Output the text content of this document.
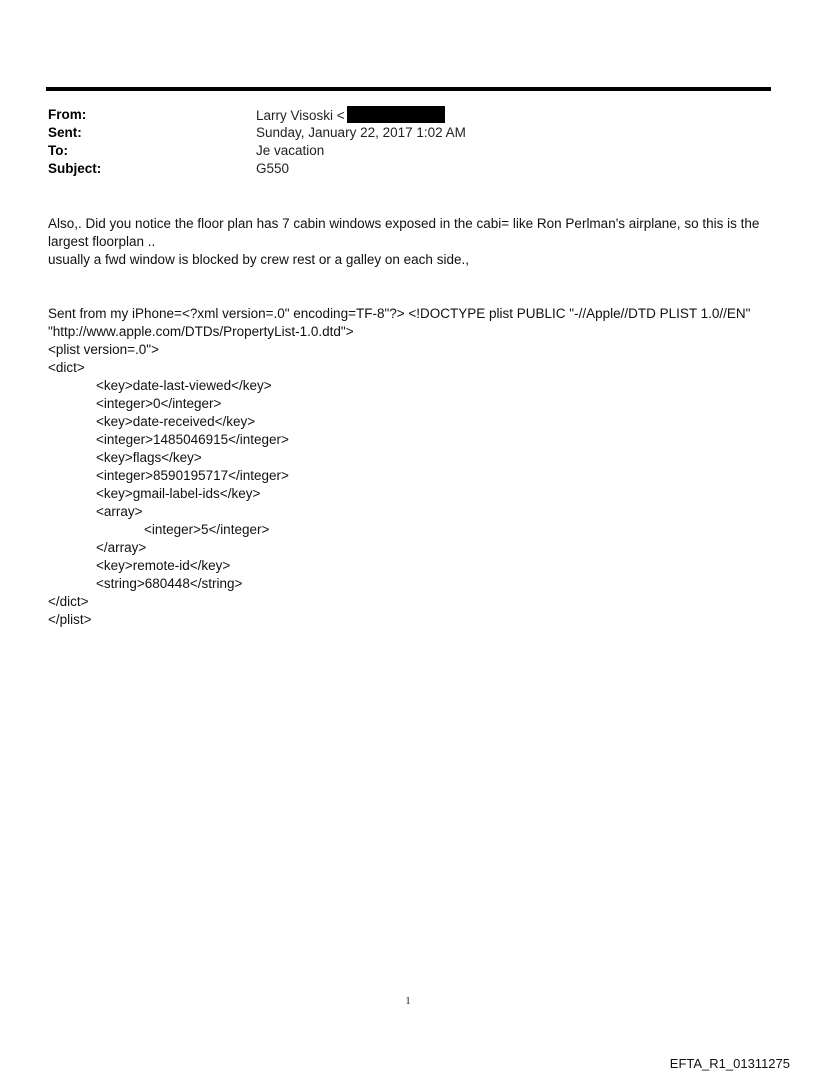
From:	Larry Visoski <
Sent:	Sunday, January 22, 2017 1:02 AM
To:	Je vacation
Subject:	G550

Also,. Did you notice the floor plan has 7 cabin windows exposed in the cabi= like Ron Perlman's airplane, so this is the

largest floorplan ..

usually a fwd window is blocked by crew rest or a galley on each side.,

Sent from my iPhone=<?xml version=.0" encoding=TF-8"?> <!DOCTYPE plist PUBLIC "-//Apple//DTD PLIST 1.0//EN"
"http://www.apple.com/DTDs/PropertyList-1.0.dtd">
<plist version=.0">
<dict>
<key>date-last-viewed</key>
<integer>0</integer>
<key>date-received</key>
<integer>1485046915</integer>
<key>flags</key>
<integer>8590195717</integer>
<key>gmail-label-ids</key>
<array>
<integer>5</integer>
</array>
<key>remote-id</key>
<string>680448</string>
</dict>
</plist>
1
EFTA_R1_01311275
